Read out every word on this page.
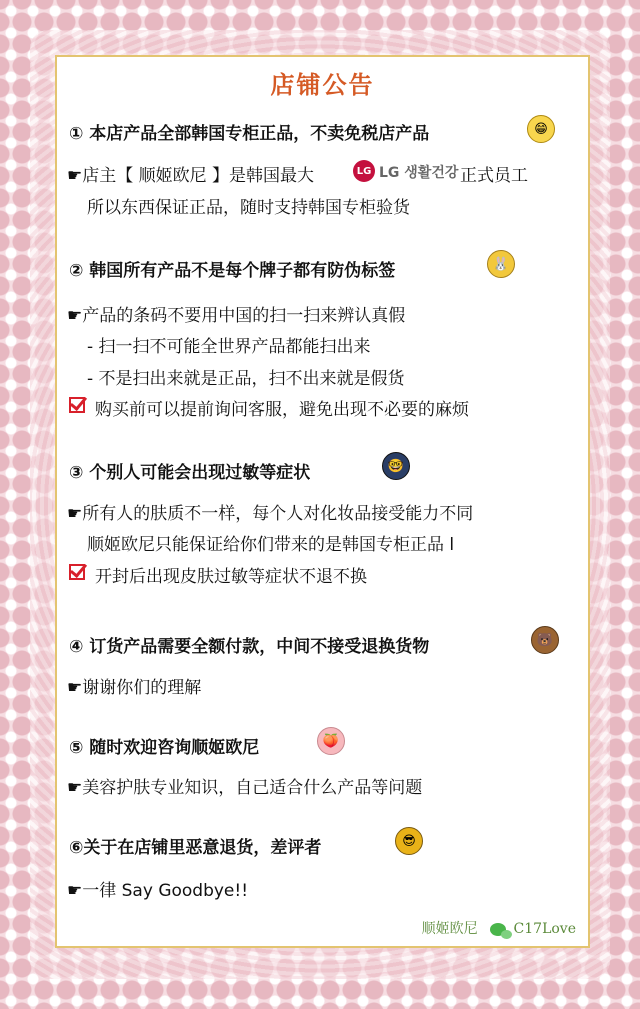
店铺公告
① 本店产品全部韩国专柜正品，不卖免税店产品	😁
☛店主【 顺姬欧尼 】是韩国最大	LG LG 생활건강 正式员工
所以东西保证正品，随时支持韩国专柜验货
② 韩国所有产品不是每个牌子都有防伪标签	🐰
☛产品的条码不要用中国的扫一扫来辨认真假
- 扫一扫不可能全世界产品都能扫出来
- 不是扫出来就是正品，扫不出来就是假货
购买前可以提前询问客服，避免出现不必要的麻烦
③ 个别人可能会出现过敏等症状	🤓
☛所有人的肤质不一样，每个人对化妆品接受能力不同
顺姬欧尼只能保证给你们带来的是韩国专柜正品 l
开封后出现皮肤过敏等症状不退不换
④ 订货产品需要全额付款，中间不接受退换货物	🐻
☛谢谢你们的理解
⑤ 随时欢迎咨询顺姬欧尼	🍑
☛美容护肤专业知识，自己适合什么产品等问题
⑥关于在店铺里恶意退货，差评者	😎
☛一律 Say Goodbye!!
顺姬欧尼	C17Love
